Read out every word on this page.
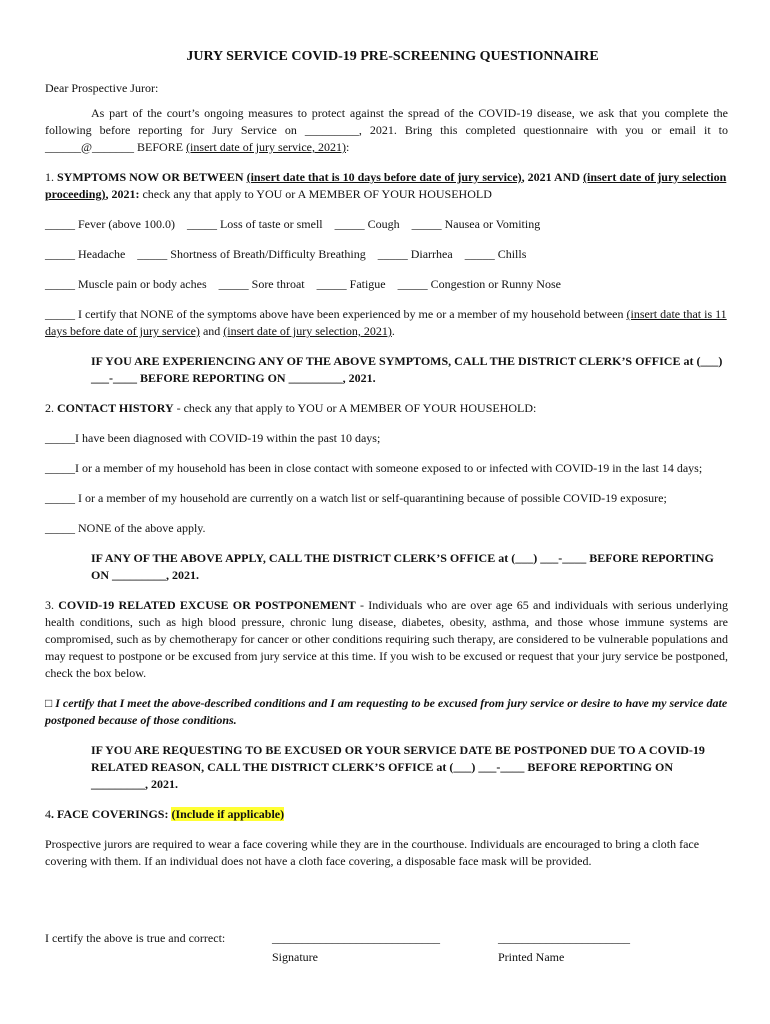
JURY SERVICE COVID-19 PRE-SCREENING QUESTIONNAIRE

Dear Prospective Juror:

As part of the court’s ongoing measures to protect against the spread of the COVID-19 disease, we ask that you complete the following before reporting for Jury Service on _________, 2021. Bring this completed questionnaire with you or email it to ______@_______ BEFORE (insert date of jury service, 2021):

1. SYMPTOMS NOW OR BETWEEN (insert date that is 10 days before date of jury service), 2021 AND (insert date of jury selection proceeding), 2021: check any that apply to YOU or A MEMBER OF YOUR HOUSEHOLD

_____ Fever (above 100.0) _____ Loss of taste or smell _____ Cough _____ Nausea or Vomiting
_____ Headache _____ Shortness of Breath/Difficulty Breathing _____ Diarrhea _____ Chills
_____ Muscle pain or body aches _____ Sore throat _____ Fatigue _____ Congestion or Runny Nose

_____ I certify that NONE of the symptoms above have been experienced by me or a member of my household between (insert date that is 11 days before date of jury service) and (insert date of jury selection, 2021).

IF YOU ARE EXPERIENCING ANY OF THE ABOVE SYMPTOMS, CALL THE DISTRICT CLERK’S OFFICE at (___) ___-____ BEFORE REPORTING ON _________, 2021.

2. CONTACT HISTORY - check any that apply to YOU or A MEMBER OF YOUR HOUSEHOLD:

_____I have been diagnosed with COVID-19 within the past 10 days;

_____I or a member of my household has been in close contact with someone exposed to or infected with COVID-19 in the last 14 days;

_____ I or a member of my household are currently on a watch list or self-quarantining because of possible COVID-19 exposure;

_____ NONE of the above apply.

IF ANY OF THE ABOVE APPLY, CALL THE DISTRICT CLERK’S OFFICE at (___) ___-____ BEFORE REPORTING ON _________, 2021.

3. COVID-19 RELATED EXCUSE OR POSTPONEMENT - Individuals who are over age 65 and individuals with serious underlying health conditions, such as high blood pressure, chronic lung disease, diabetes, obesity, asthma, and those whose immune systems are compromised, such as by chemotherapy for cancer or other conditions requiring such therapy, are considered to be vulnerable populations and may request to postpone or be excused from jury service at this time. If you wish to be excused or request that your jury service be postponed, check the box below.

□ I certify that I meet the above-described conditions and I am requesting to be excused from jury service or desire to have my service date postponed because of those conditions.

IF YOU ARE REQUESTING TO BE EXCUSED OR YOUR SERVICE DATE BE POSTPONED DUE TO A COVID-19 RELATED REASON, CALL THE DISTRICT CLERK’S OFFICE at (___) ___-____ BEFORE REPORTING ON _________, 2021.

4. FACE COVERINGS: (Include if applicable)

Prospective jurors are required to wear a face covering while they are in the courthouse. Individuals are encouraged to bring a cloth face covering with them. If an individual does not have a cloth face covering, a disposable face mask will be provided.

I certify the above is true and correct:	____________________________	______________________
Signature	Printed Name
